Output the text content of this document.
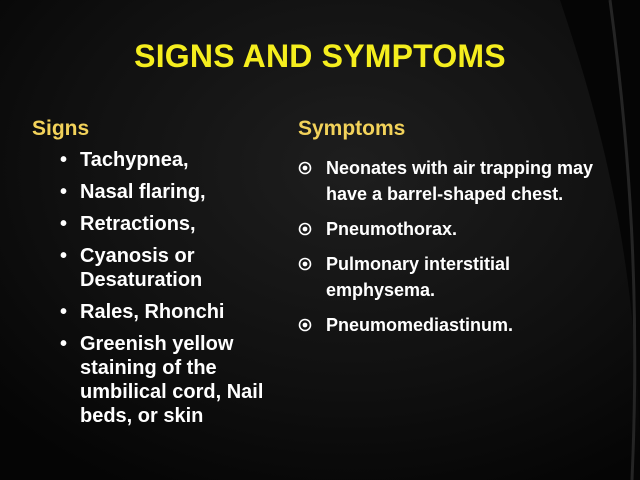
SIGNS AND SYMPTOMS
Signs	Symptoms
• Tachypnea,
• Nasal flaring,
• Retractions,
• Cyanosis or Desaturation
• Rales, Rhonchi
• Greenish yellow staining of the umbilical cord, Nail beds, or skin
Neonates with air trapping may have a barrel-shaped chest.
Pneumothorax.
Pulmonary interstitial emphysema.
Pneumomediastinum.
